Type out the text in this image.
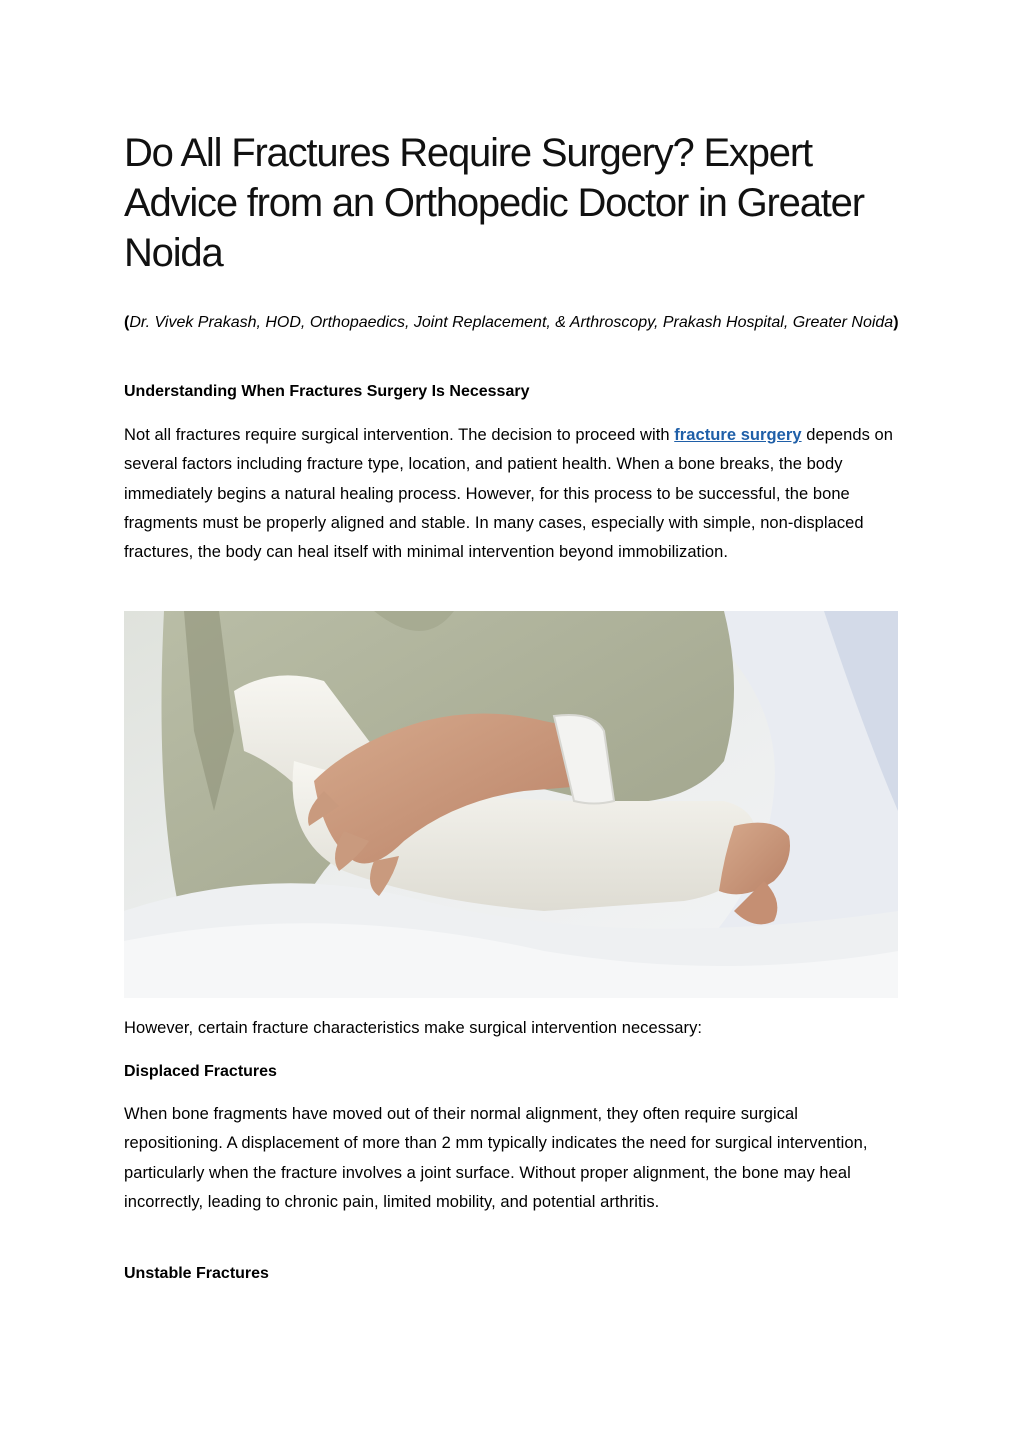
Do All Fractures Require Surgery? Expert Advice from an Orthopedic Doctor in Greater Noida

(Dr. Vivek Prakash, HOD, Orthopaedics, Joint Replacement, & Arthroscopy, Prakash Hospital, Greater Noida)

Understanding When Fractures Surgery Is Necessary

Not all fractures require surgical intervention. The decision to proceed with fracture surgery depends on several factors including fracture type, location, and patient health. When a bone breaks, the body immediately begins a natural healing process. However, for this process to be successful, the bone fragments must be properly aligned and stable. In many cases, especially with simple, non-displaced fractures, the body can heal itself with minimal intervention beyond immobilization.

However, certain fracture characteristics make surgical intervention necessary:

Displaced Fractures

When bone fragments have moved out of their normal alignment, they often require surgical repositioning. A displacement of more than 2 mm typically indicates the need for surgical intervention, particularly when the fracture involves a joint surface. Without proper alignment, the bone may heal incorrectly, leading to chronic pain, limited mobility, and potential arthritis.

Unstable Fractures
